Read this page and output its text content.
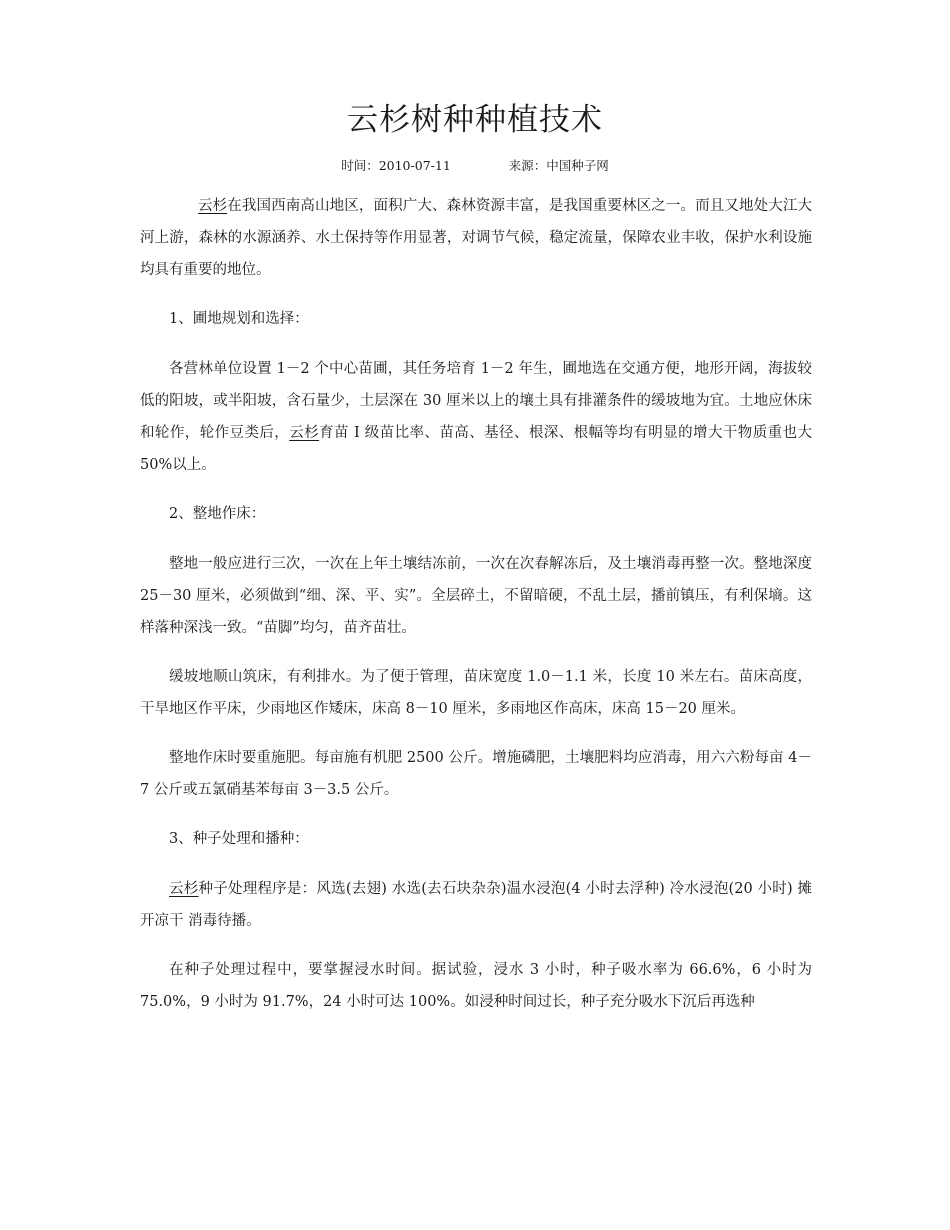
云杉树种种植技术
时间：2010-07-11	来源：中国种子网

云杉在我国西南高山地区，面积广大、森林资源丰富，是我国重要林区之一。而且又地处大江大河上游，森林的水源涵养、水土保持等作用显著，对调节气候，稳定流量，保障农业丰收，保护水利设施均具有重要的地位。

1、圃地规划和选择：

各营林单位设置 1－2 个中心苗圃，其任务培育 1－2 年生，圃地选在交通方便，地形开阔，海拔较低的阳坡，或半阳坡，含石量少，土层深在 30 厘米以上的壤土具有排灌条件的缓坡地为宜。土地应休床和轮作，轮作豆类后，云杉育苗 I 级苗比率、苗高、基径、根深、根幅等均有明显的增大干物质重也大 50%以上。

2、整地作床：

整地一般应进行三次，一次在上年土壤结冻前，一次在次春解冻后，及土壤消毒再整一次。整地深度 25－30 厘米，必须做到“细、深、平、实”。全层碎土，不留暗硬，不乱土层，播前镇压，有利保墒。这样落种深浅一致。“苗脚”均匀，苗齐苗壮。

缓坡地顺山筑床，有利排水。为了便于管理，苗床宽度 1.0－1.1 米，长度 10 米左右。苗床高度，干旱地区作平床，少雨地区作矮床，床高 8－10 厘米，多雨地区作高床，床高 15－20 厘米。

整地作床时要重施肥。每亩施有机肥 2500 公斤。增施磷肥，土壤肥料均应消毒，用六六粉每亩 4－7 公斤或五氯硝基苯每亩 3－3.5 公斤。

3、种子处理和播种：

云杉种子处理程序是：风选(去翅) 水选(去石块杂杂)温水浸泡(4 小时去浮种) 冷水浸泡(20 小时) 摊开凉干 消毒待播。

在种子处理过程中，要掌握浸水时间。据试验，浸水 3 小时，种子吸水率为 66.6%，6 小时为 75.0%，9 小时为 91.7%，24 小时可达 100%。如浸种时间过长，种子充分吸水下沉后再选种
